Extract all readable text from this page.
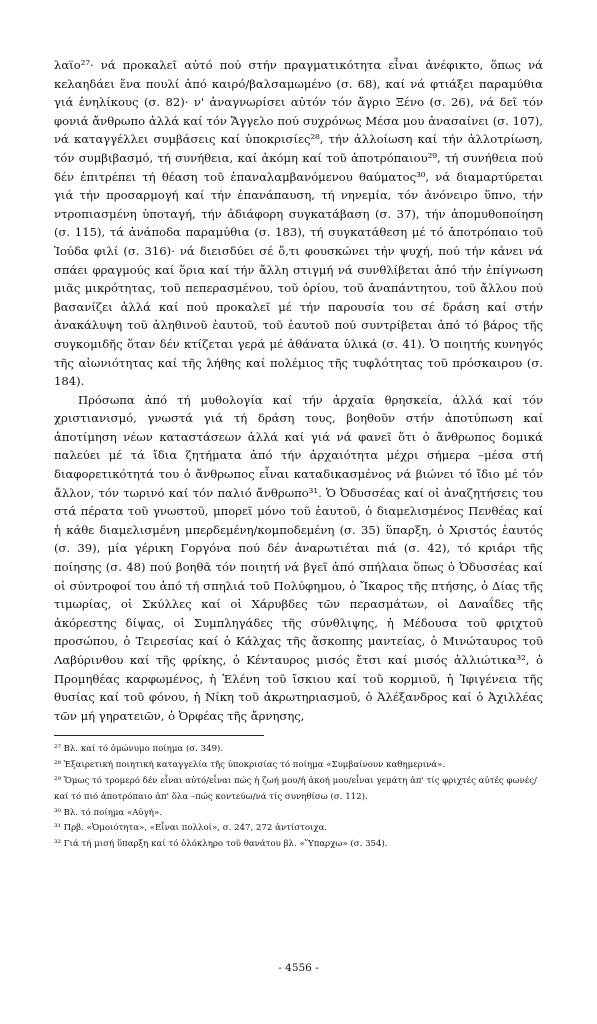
λαϊο²⁷· νά προκαλεῖ αὐτό πού στήν πραγματικότητα εἶναι ἀνέφικτο, ὅπως νά κελαηδάει ἕνα πουλί ἀπό καιρό/βαλσαμωμένο (σ. 68), καί νά φτιάξει παραμύθια γιά ἐνηλίκους (σ. 82)· ν' ἀναγνωρίσει αὐτόν τόν ἄγριο Ξένο (σ. 26), νά δεῖ τόν φονιά ἄνθρωπο ἀλλά καί τόν Ἄγγελο πού συχρόνως Μέσα μου ἀνασαίνει (σ. 107), νά καταγγέλλει συμβάσεις καί ὑποκρισίες²⁸, τήν ἀλλοίωση καί τήν ἀλλοτρίωση, τόν συμβιβασμό, τή συνήθεια, καί ἀκόμη καί τοῦ ἀποτρόπαιου²⁹, τή συνήθεια πού δέν ἐπιτρέπει τή θέαση τοῦ ἐπαναλαμβανόμενου θαύματος³⁰, νά διαμαρτύρεται γιά τήν προσαρμογή καί τήν ἐπανάπαυση, τή νηνεμία, τόν ἀνόνειρο ὕπνο, τήν ντροπιασμένη ὑποταγή, τήν ἀδιάφορη συγκατάβαση (σ. 37), τήν ἀπομυθοποίηση (σ. 115), τά ἀνάποδα παραμύθια (σ. 183), τή συγκατάθεση μέ τό ἀποτρόπαιο τοῦ Ἰούδα φιλί (σ. 316)· νά διεισδύει σέ ὅ,τι φουσκώνει τήν ψυχή, πού τήν κάνει νά σπάει φραγμούς καί ὅρια καί τήν ἄλλη στιγμή νά συνθλίβεται ἀπό τήν ἐπίγνωση μιᾶς μικρότητας, τοῦ πεπερασμένου, τοῦ ὁρίου, τοῦ ἀναπάντητου, τοῦ ἄλλου πού βασανίζει ἀλλά καί πού προκαλεῖ μέ τήν παρουσία του σέ δράση καί στήν ἀνακάλυψη τοῦ ἀληθινοῦ ἑαυτοῦ, τοῦ ἑαυτοῦ πού συντρίβεται ἀπό τό βάρος τῆς συγκομιδῆς ὅταν δέν κτίζεται γερά μέ ἀθάνατα ὑλικά (σ. 41). Ὁ ποιητής κυνηγός τῆς αἰωνιότητας καί τῆς λήθης καί πολέμιος τῆς τυφλότητας τοῦ πρόσκαιρου (σ. 184).

Πρόσωπα ἀπό τή μυθολογία καί τήν ἀρχαία θρησκεία, ἀλλά καί τόν χριστιανισμό, γνωστά γιά τή δράση τους, βοηθοῦν στήν ἀποτύπωση καί ἀποτίμηση νέων καταστάσεων ἀλλά καί γιά νά φανεῖ ὅτι ὁ ἄνθρωπος δομικά παλεύει μέ τά ἴδια ζητήματα ἀπό τήν ἀρχαιότητα μέχρι σήμερα –μέσα στή διαφορετικότητά του ὁ ἄνθρωπος εἶναι καταδικασμένος νά βιώνει τό ἴδιο μέ τόν ἄλλον, τόν τωρινό καί τόν παλιό ἄνθρωπο³¹. Ὁ Ὀδυσσέας καί οἱ ἀναζητήσεις του στά πέρατα τοῦ γνωστοῦ, μπορεῖ μόνο τοῦ ἑαυτοῦ, ὁ διαμελισμένος Πενθέας καί ἡ κάθε διαμελισμένη μπερδεμένη/κομποδεμένη (σ. 35) ὕπαρξη, ὁ Χριστός ἑαυτός (σ. 39), μία γέρικη Γοργόνα πού δέν ἀναρωτιέται πιά (σ. 42), τό κριάρι τῆς ποίησης (σ. 48) πού βοηθᾶ τόν ποιητή νά βγεῖ ἀπό σπήλαια ὅπως ὁ Ὀδυσσέας καί οἱ σύντροφοί του ἀπό τή σπηλιά τοῦ Πολύφημου, ὁ Ἴκαρος τῆς πτήσης, ὁ Δίας τῆς τιμωρίας, οἱ Σκύλλες καί οἱ Χάρυβδες τῶν περασμάτων, οἱ Δαναΐδες τῆς ἀκόρεστης δίψας, οἱ Συμπληγάδες τῆς σύνθλιψης, ἡ Μέδουσα τοῦ φριχτοῦ προσώπου, ὁ Τειρεσίας καί ὁ Κάλχας τῆς ἄσκοπης μαντείας, ὁ Μινώταυρος τοῦ Λαβύρινθου καί τῆς φρίκης, ὁ Κένταυρος μισός ἔτσι καί μισός ἀλλιώτικα³², ὁ Προμηθέας καρφωμένος, ἡ Ἑλένη τοῦ ἴσκιου καί τοῦ κορμιοῦ, ἡ Ἰφιγένεια τῆς θυσίας καί τοῦ φόνου, ἡ Νίκη τοῦ ἀκρωτηριασμοῦ, ὁ Ἀλέξανδρος καί ὁ Ἀχιλλέας τῶν μή γηρατειῶν, ὁ Ὀρφέας τῆς ἄρνησης,

²⁷ Βλ. καί τό ὁμώνυμο ποίημα (σ. 349).

²⁸ Ἐξαιρετική ποιητική καταγγελία τῆς ὑποκρισίας τό ποίημα «Συμβαίνουν καθημερινά».

²⁹ Ὅμως τό τρομερό δέν εἶναι αὐτό/εἶναι πώς ἡ ζωή μου/ἡ ἀκοή μου/εἶναι γεμάτη ἀπ' τίς φριχτές αὐτές φωνές/καί τό πιό ἀποτρόπαιο ἀπ' ὅλα –πώς κοντεύω/νά τίς συνηθίσω (σ. 112).

³⁰ Βλ. τό ποίημα «Αὐγή».

³¹ Πρβ. «Ὁμοιότητα», «Εἶναι πολλοί», σ. 247, 272 ἀντίστοιχα.

³² Γιά τή μισή ὕπαρξη καί τό ὁλόκληρο τοῦ θανάτου βλ. «Ὕπαρχω» (σ. 354).

- 4556 -
